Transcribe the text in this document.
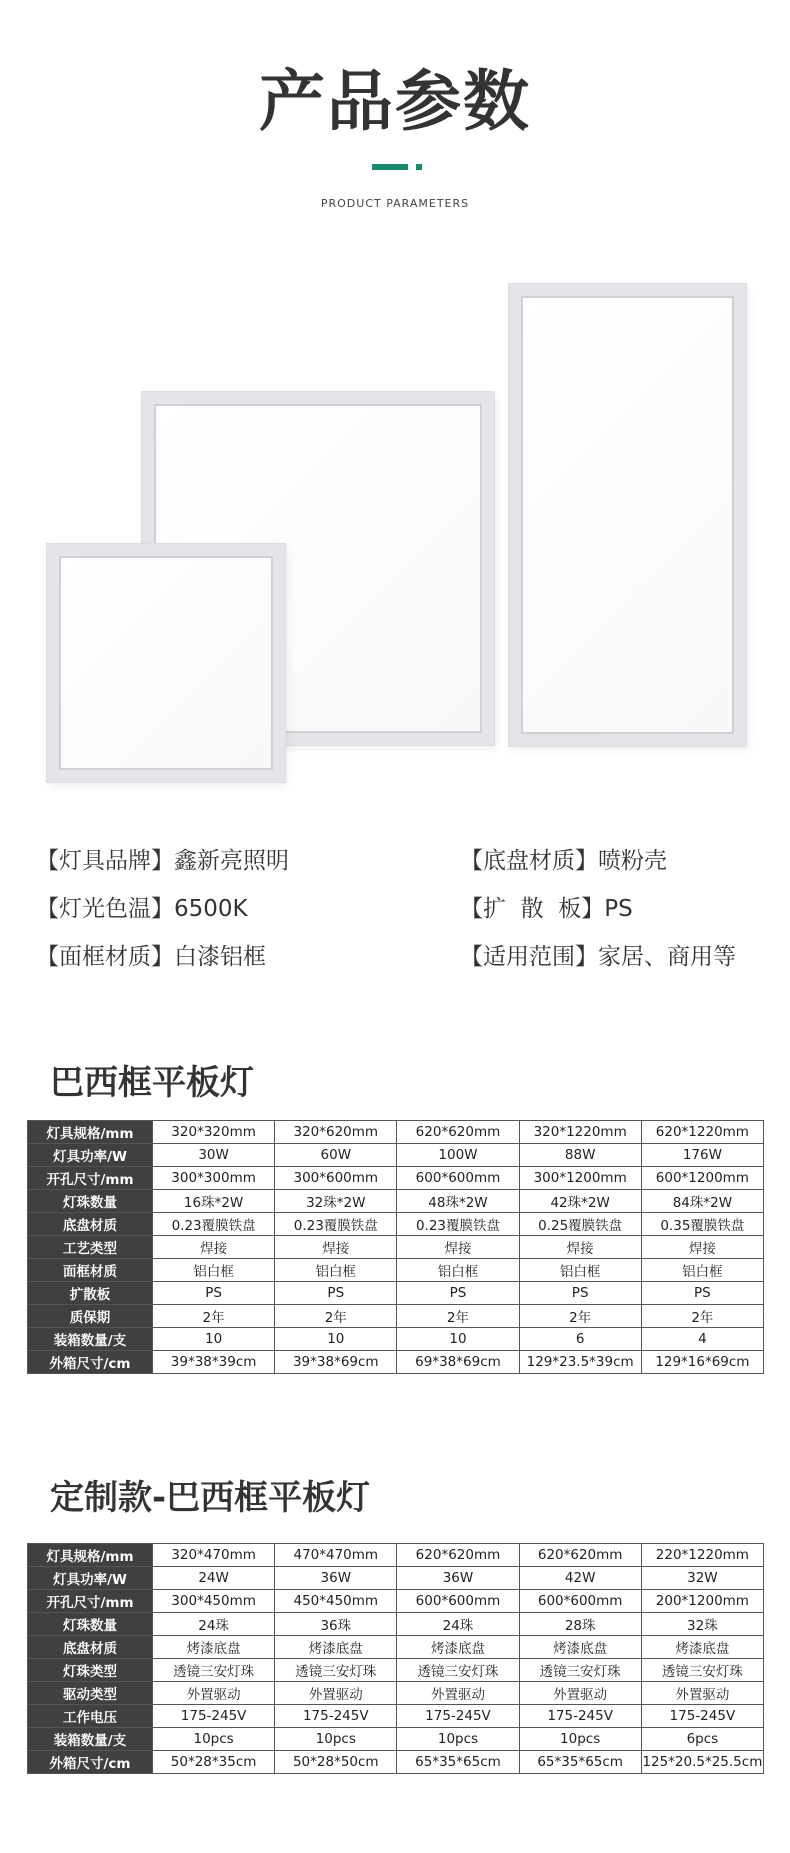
产品参数
PRODUCT PARAMETERS
【灯具品牌】鑫新亮照明	【底盘材质】喷粉壳
【灯光色温】6500K	【扩  散  板】PS
【面框材质】白漆铝框	【适用范围】家居、商用等
巴西框平板灯
灯具规格/mm	320*320mm	320*620mm	620*620mm	320*1220mm	620*1220mm
灯具功率/W	30W	60W	100W	88W	176W
开孔尺寸/mm	300*300mm	300*600mm	600*600mm	300*1200mm	600*1200mm
灯珠数量	16珠*2W	32珠*2W	48珠*2W	42珠*2W	84珠*2W
底盘材质	0.23覆膜铁盘	0.23覆膜铁盘	0.23覆膜铁盘	0.25覆膜铁盘	0.35覆膜铁盘
工艺类型	焊接	焊接	焊接	焊接	焊接
面框材质	铝白框	铝白框	铝白框	铝白框	铝白框
扩散板	PS	PS	PS	PS	PS
质保期	2年	2年	2年	2年	2年
装箱数量/支	10	10	10	6	4
外箱尺寸/cm	39*38*39cm	39*38*69cm	69*38*69cm	129*23.5*39cm	129*16*69cm
定制款-巴西框平板灯
灯具规格/mm	320*470mm	470*470mm	620*620mm	620*620mm	220*1220mm
灯具功率/W	24W	36W	36W	42W	32W
开孔尺寸/mm	300*450mm	450*450mm	600*600mm	600*600mm	200*1200mm
灯珠数量	24珠	36珠	24珠	28珠	32珠
底盘材质	烤漆底盘	烤漆底盘	烤漆底盘	烤漆底盘	烤漆底盘
灯珠类型	透镜三安灯珠	透镜三安灯珠	透镜三安灯珠	透镜三安灯珠	透镜三安灯珠
驱动类型	外置驱动	外置驱动	外置驱动	外置驱动	外置驱动
工作电压	175-245V	175-245V	175-245V	175-245V	175-245V
装箱数量/支	10pcs	10pcs	10pcs	10pcs	6pcs
外箱尺寸/cm	50*28*35cm	50*28*50cm	65*35*65cm	65*35*65cm	125*20.5*25.5cm
